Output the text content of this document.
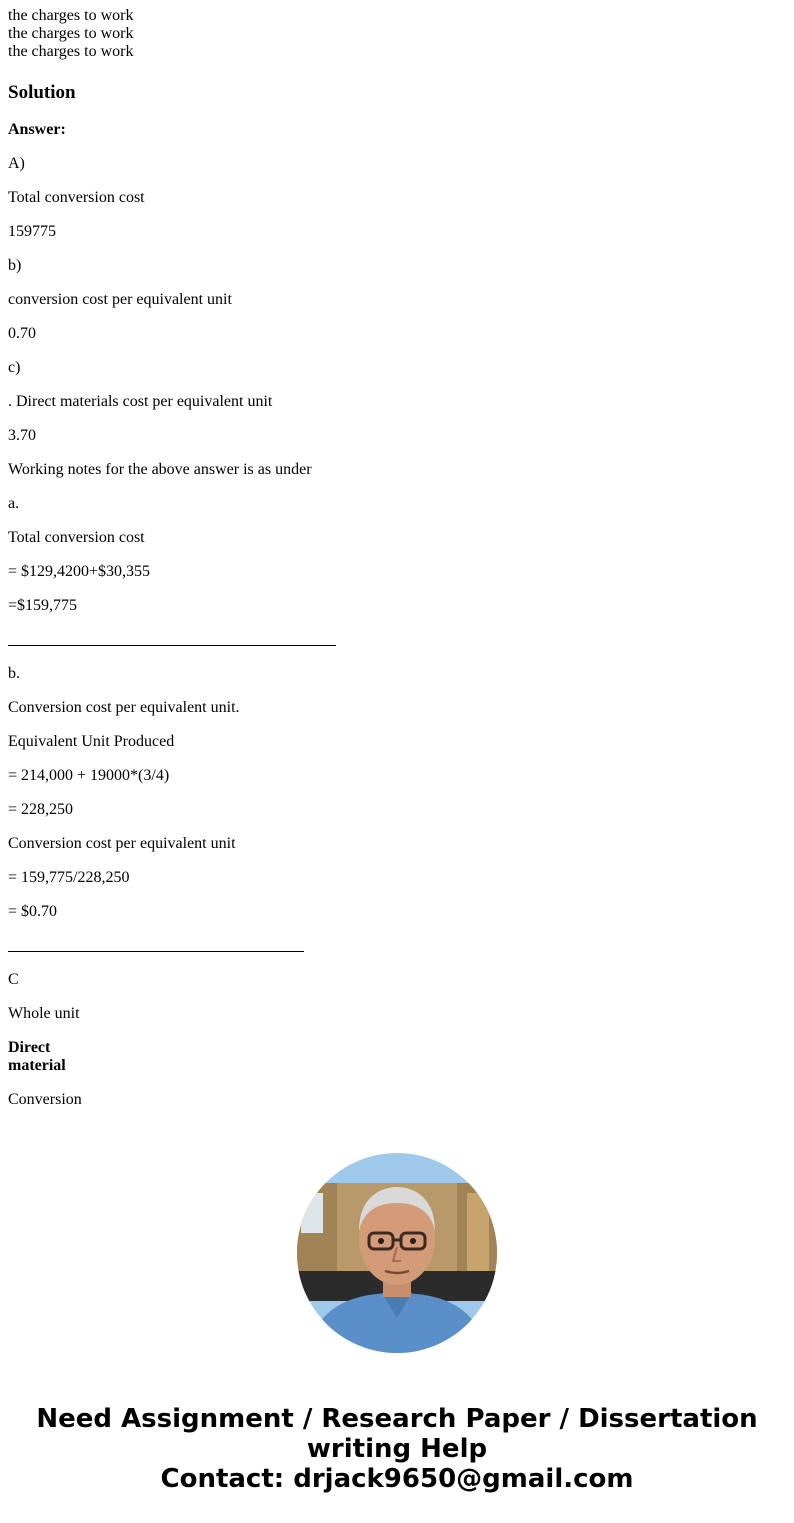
the charges to work
the charges to work
the charges to work
Solution
Answer:
A)
Total conversion cost
159775
b)
conversion cost per equivalent unit
0.70
c)
. Direct materials cost per equivalent unit
3.70
Working notes for the above answer is as under
a.
Total conversion cost
= $129,4200+$30,355
=$159,775
b.
Conversion cost per equivalent unit.
Equivalent Unit Produced
= 214,000 + 19000*(3/4)
= 228,250
Conversion cost per equivalent unit
= 159,775/228,250
= $0.70
C
Whole unit
Direct
material
Conversion
Need Assignment / Research Paper / Dissertation
writing Help
Contact: drjack9650@gmail.com
